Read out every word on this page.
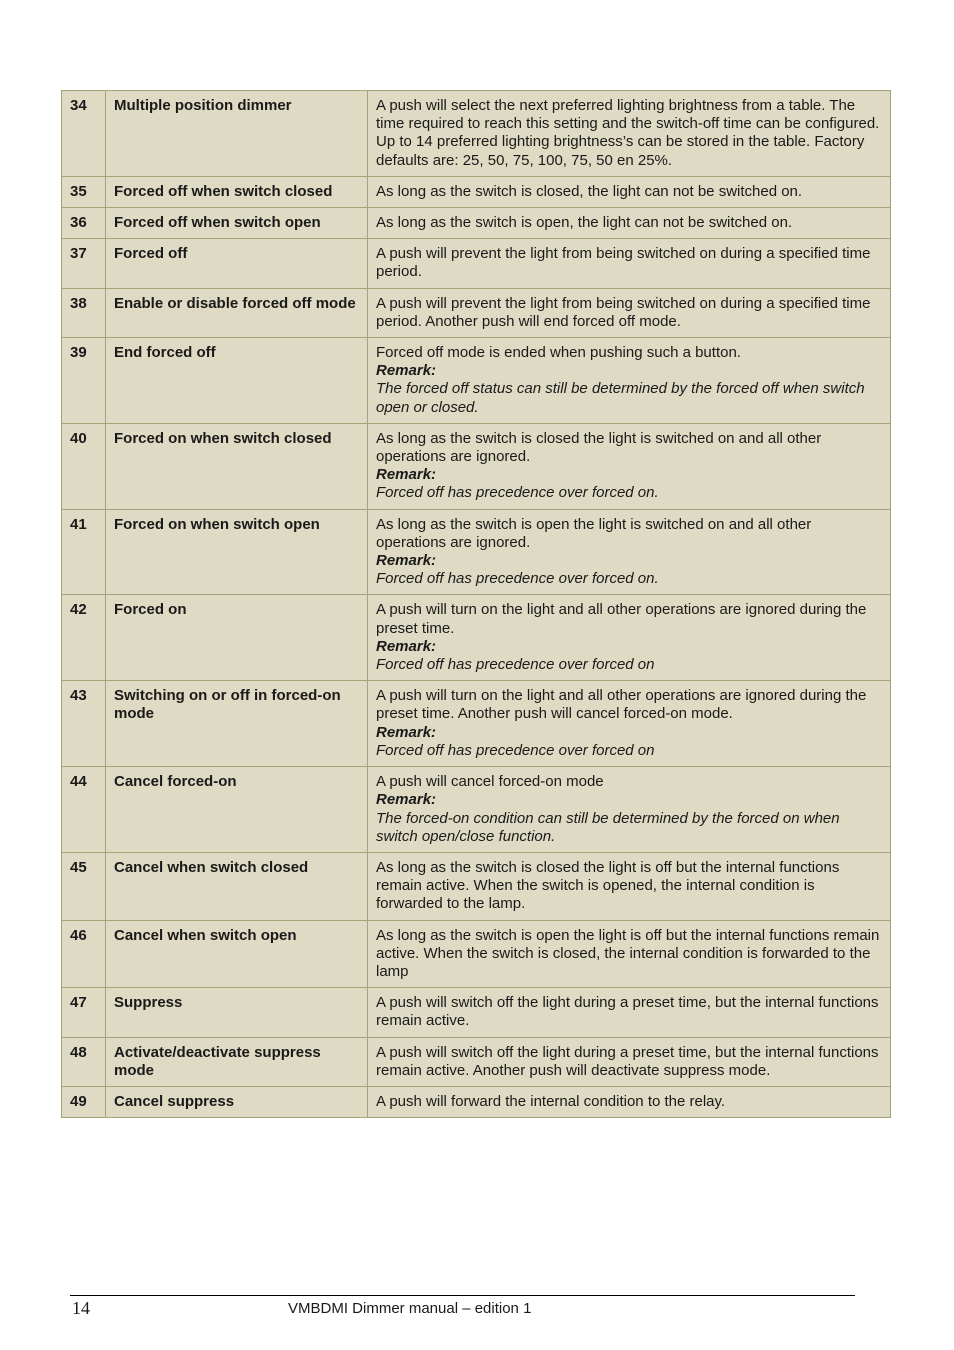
34	Multiple position dimmer	A push will select the next preferred lighting brightness from a table. The time required to reach this setting and the switch-off time can be configured. Up to 14 preferred lighting brightness’s can be stored in the table. Factory defaults are: 25, 50, 75, 100, 75, 50 en 25%.
35	Forced off when switch closed	As long as the switch is closed, the light can not be switched on.
36	Forced off when switch open	As long as the switch is open, the light can not be switched on.
37	Forced off	A push will prevent the light from being switched on during a specified time period.
38	Enable or disable forced off mode	A push will prevent the light from being switched on during a specified time period. Another push will end forced off mode.
39	End forced off	Forced off mode is ended when pushing such a button.
Remark:
The forced off status can still be determined by the forced off when switch open or closed.

40	Forced on when switch closed	As long as the switch is closed the light is switched on and all other operations are ignored.
Remark:
Forced off has precedence over forced on.

41	Forced on when switch open	As long as the switch is open the light is switched on and all other operations are ignored.
Remark:
Forced off has precedence over forced on.

42	Forced on	A push will turn on the light and all other operations are ignored during the preset time.
Remark:
Forced off has precedence over forced on

43	Switching on or off in forced-on mode	A push will turn on the light and all other operations are ignored during the preset time. Another push will cancel forced-on mode.
Remark:
Forced off has precedence over forced on

44	Cancel forced-on	A push will cancel forced-on mode
Remark:
The forced-on condition can still be determined by the forced on when switch open/close function.

45	Cancel when switch closed	As long as the switch is closed the light is off but the internal functions remain active. When the switch is opened, the internal condition is forwarded to the lamp.
46	Cancel when switch open	As long as the switch is open the light is off but the internal functions remain active. When the switch is closed, the internal condition is forwarded to the lamp
47	Suppress	A push will switch off the light during a preset time, but the internal functions remain active.
48	Activate/deactivate suppress mode	A push will switch off the light during a preset time, but the internal functions remain active. Another push will deactivate suppress mode.
49	Cancel suppress	A push will forward the internal condition to the relay.
14	VMBDMI Dimmer manual – edition 1
